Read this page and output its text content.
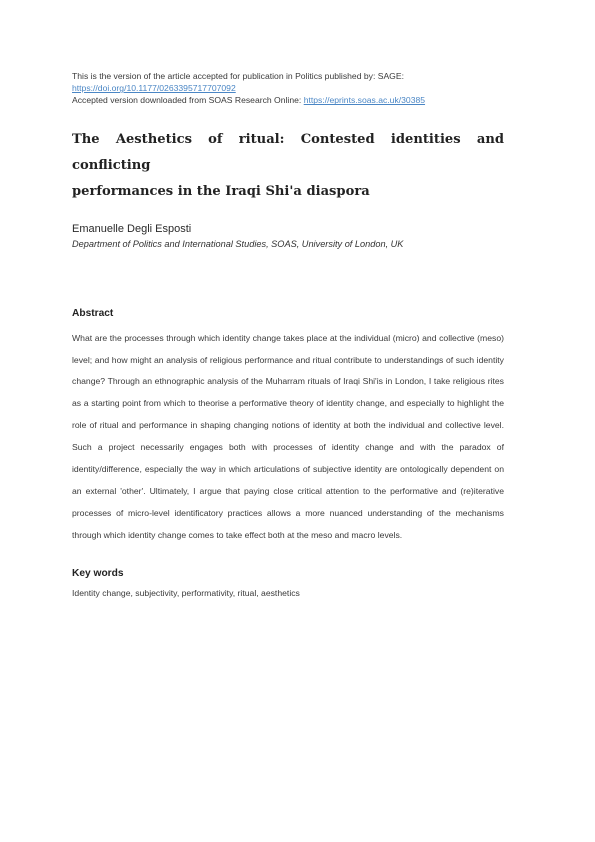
This is the version of the article accepted for publication in Politics published by: SAGE:
https://doi.org/10.1177/0263395717707092
Accepted version downloaded from SOAS Research Online: https://eprints.soas.ac.uk/30385
The Aesthetics of ritual: Contested identities and conflicting
performances in the Iraqi Shi'a diaspora
Emanuelle Degli Esposti
Department of Politics and International Studies, SOAS, University of London, UK
Abstract
What are the processes through which identity change takes place at the individual (micro) and collective (meso) level; and how might an analysis of religious performance and ritual contribute to understandings of such identity change? Through an ethnographic analysis of the Muharram rituals of Iraqi Shi'is in London, I take religious rites as a starting point from which to theorise a performative theory of identity change, and especially to highlight the role of ritual and performance in shaping changing notions of identity at both the individual and collective level. Such a project necessarily engages both with processes of identity change and with the paradox of identity/difference, especially the way in which articulations of subjective identity are ontologically dependent on an external 'other'. Ultimately, I argue that paying close critical attention to the performative and (re)iterative processes of micro-level identificatory practices allows a more nuanced understanding of the mechanisms through which identity change comes to take effect both at the meso and macro levels.
Key words
Identity change, subjectivity, performativity, ritual, aesthetics
